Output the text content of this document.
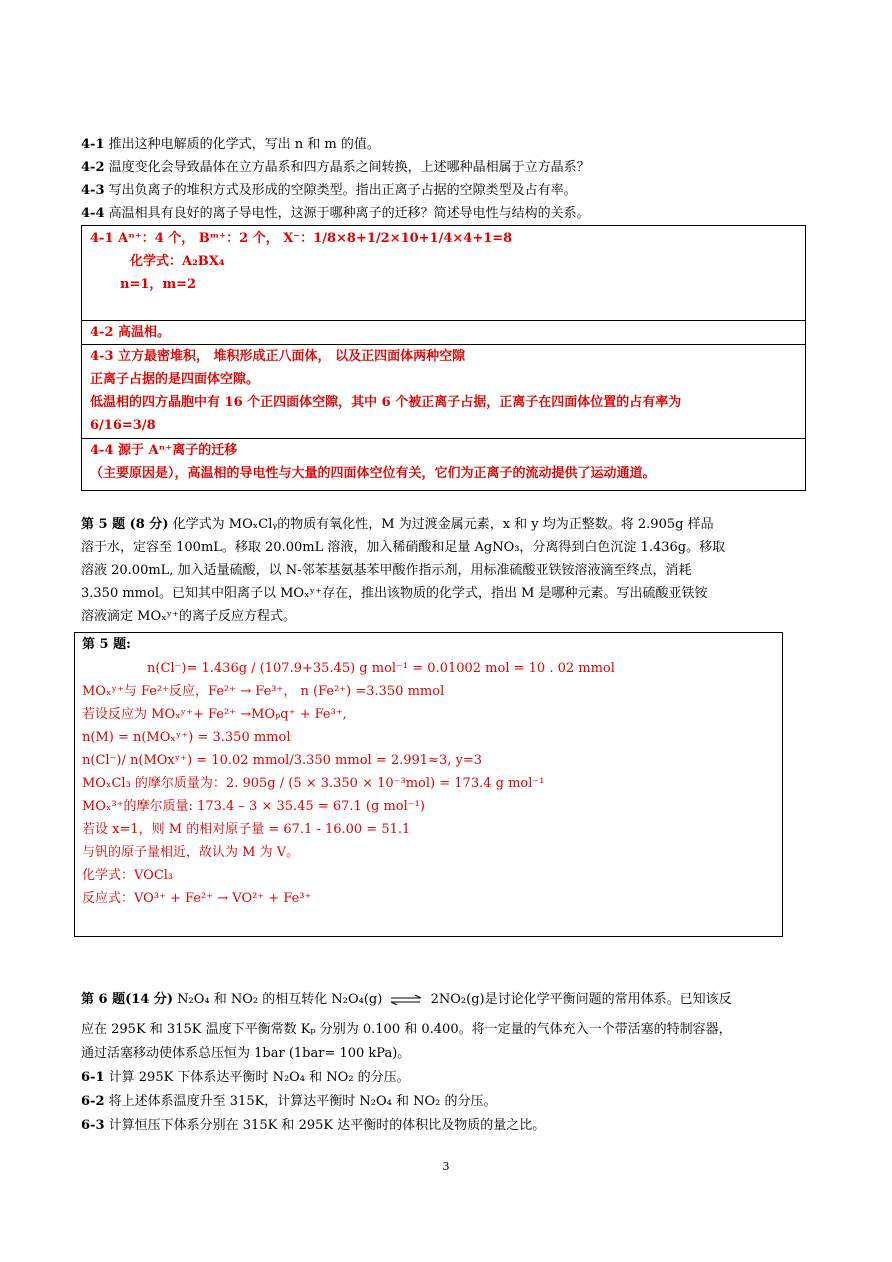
4-1 推出这种电解质的化学式，写出 n 和 m 的值。
4-2 温度变化会导致晶体在立方晶系和四方晶系之间转换，上述哪种晶相属于立方晶系？
4-3 写出负离子的堆积方式及形成的空隙类型。指出正离子占据的空隙类型及占有率。
4-4 高温相具有良好的离子导电性，这源于哪种离子的迁移？简述导电性与结构的关系。
4-1 Aⁿ⁺：4 个， Bᵐ⁺：2 个， X⁻：1/8×8+1/2×10+1/4×4+1=8
化学式：A₂BX₄
n=1，m=2
4-2 高温相。
4-3 立方最密堆积， 堆积形成正八面体， 以及正四面体两种空隙
正离子占据的是四面体空隙。
低温相的四方晶胞中有 16 个正四面体空隙，其中 6 个被正离子占据，正离子在四面体位置的占有率为
6/16=3/8
4-4 源于 Aⁿ⁺离子的迁移
（主要原因是），高温相的导电性与大量的四面体空位有关，它们为正离子的流动提供了运动通道。
第 5 题 (8 分) 化学式为 MOₓClᵧ的物质有氧化性，M 为过渡金属元素，x 和 y 均为正整数。将 2.905g 样品
溶于水，定容至 100mL。移取 20.00mL 溶液，加入稀硝酸和足量 AgNO₃，分离得到白色沉淀 1.436g。移取
溶液 20.00mL, 加入适量硫酸，以 N-邻苯基氨基苯甲酸作指示剂，用标准硫酸亚铁铵溶液滴至终点，消耗
3.350 mmol。已知其中阳离子以 MOₓʸ⁺存在，推出该物质的化学式，指出 M 是哪种元素。写出硫酸亚铁铵
溶液滴定 MOₓʸ⁺的离子反应方程式。
第 5 题:
n(Cl⁻)= 1.436g / (107.9+35.45) g mol⁻¹ = 0.01002 mol = 10 . 02 mmol
MOₓʸ⁺与 Fe²⁺反应，Fe²⁺ → Fe³⁺， n (Fe²⁺) =3.350 mmol
若设反应为 MOₓʸ⁺+ Fe²⁺ →MOₚq⁺ + Fe³⁺,
n(M) = n(MOₓʸ⁺) = 3.350 mmol
n(Cl⁻)/ n(MOxʸ⁺) = 10.02 mmol/3.350 mmol = 2.991≈3, y=3
MOₓCl₃ 的摩尔质量为：2. 905g / (5 × 3.350 × 10⁻³mol) = 173.4 g mol⁻¹
MOₓ³⁺的摩尔质量: 173.4 – 3 × 35.45 = 67.1 (g mol⁻¹)
若设 x=1，则 M 的相对原子量 = 67.1 - 16.00 = 51.1
与钒的原子量相近，故认为 M 为 V。
化学式：VOCl₃
反应式：VO³⁺ + Fe²⁺ → VO²⁺ + Fe³⁺
第 6 题(14 分) N₂O₄ 和 NO₂ 的相互转化 N₂O₄(g) ⇌ 2NO₂(g)是讨论化学平衡问题的常用体系。已知该反
应在 295K 和 315K 温度下平衡常数 Kₚ 分别为 0.100 和 0.400。将一定量的气体充入一个带活塞的特制容器，
通过活塞移动使体系总压恒为 1bar (1bar= 100 kPa)。
6-1 计算 295K 下体系达平衡时 N₂O₄ 和 NO₂ 的分压。
6-2 将上述体系温度升至 315K，计算达平衡时 N₂O₄ 和 NO₂ 的分压。
6-3 计算恒压下体系分别在 315K 和 295K 达平衡时的体积比及物质的量之比。
3
